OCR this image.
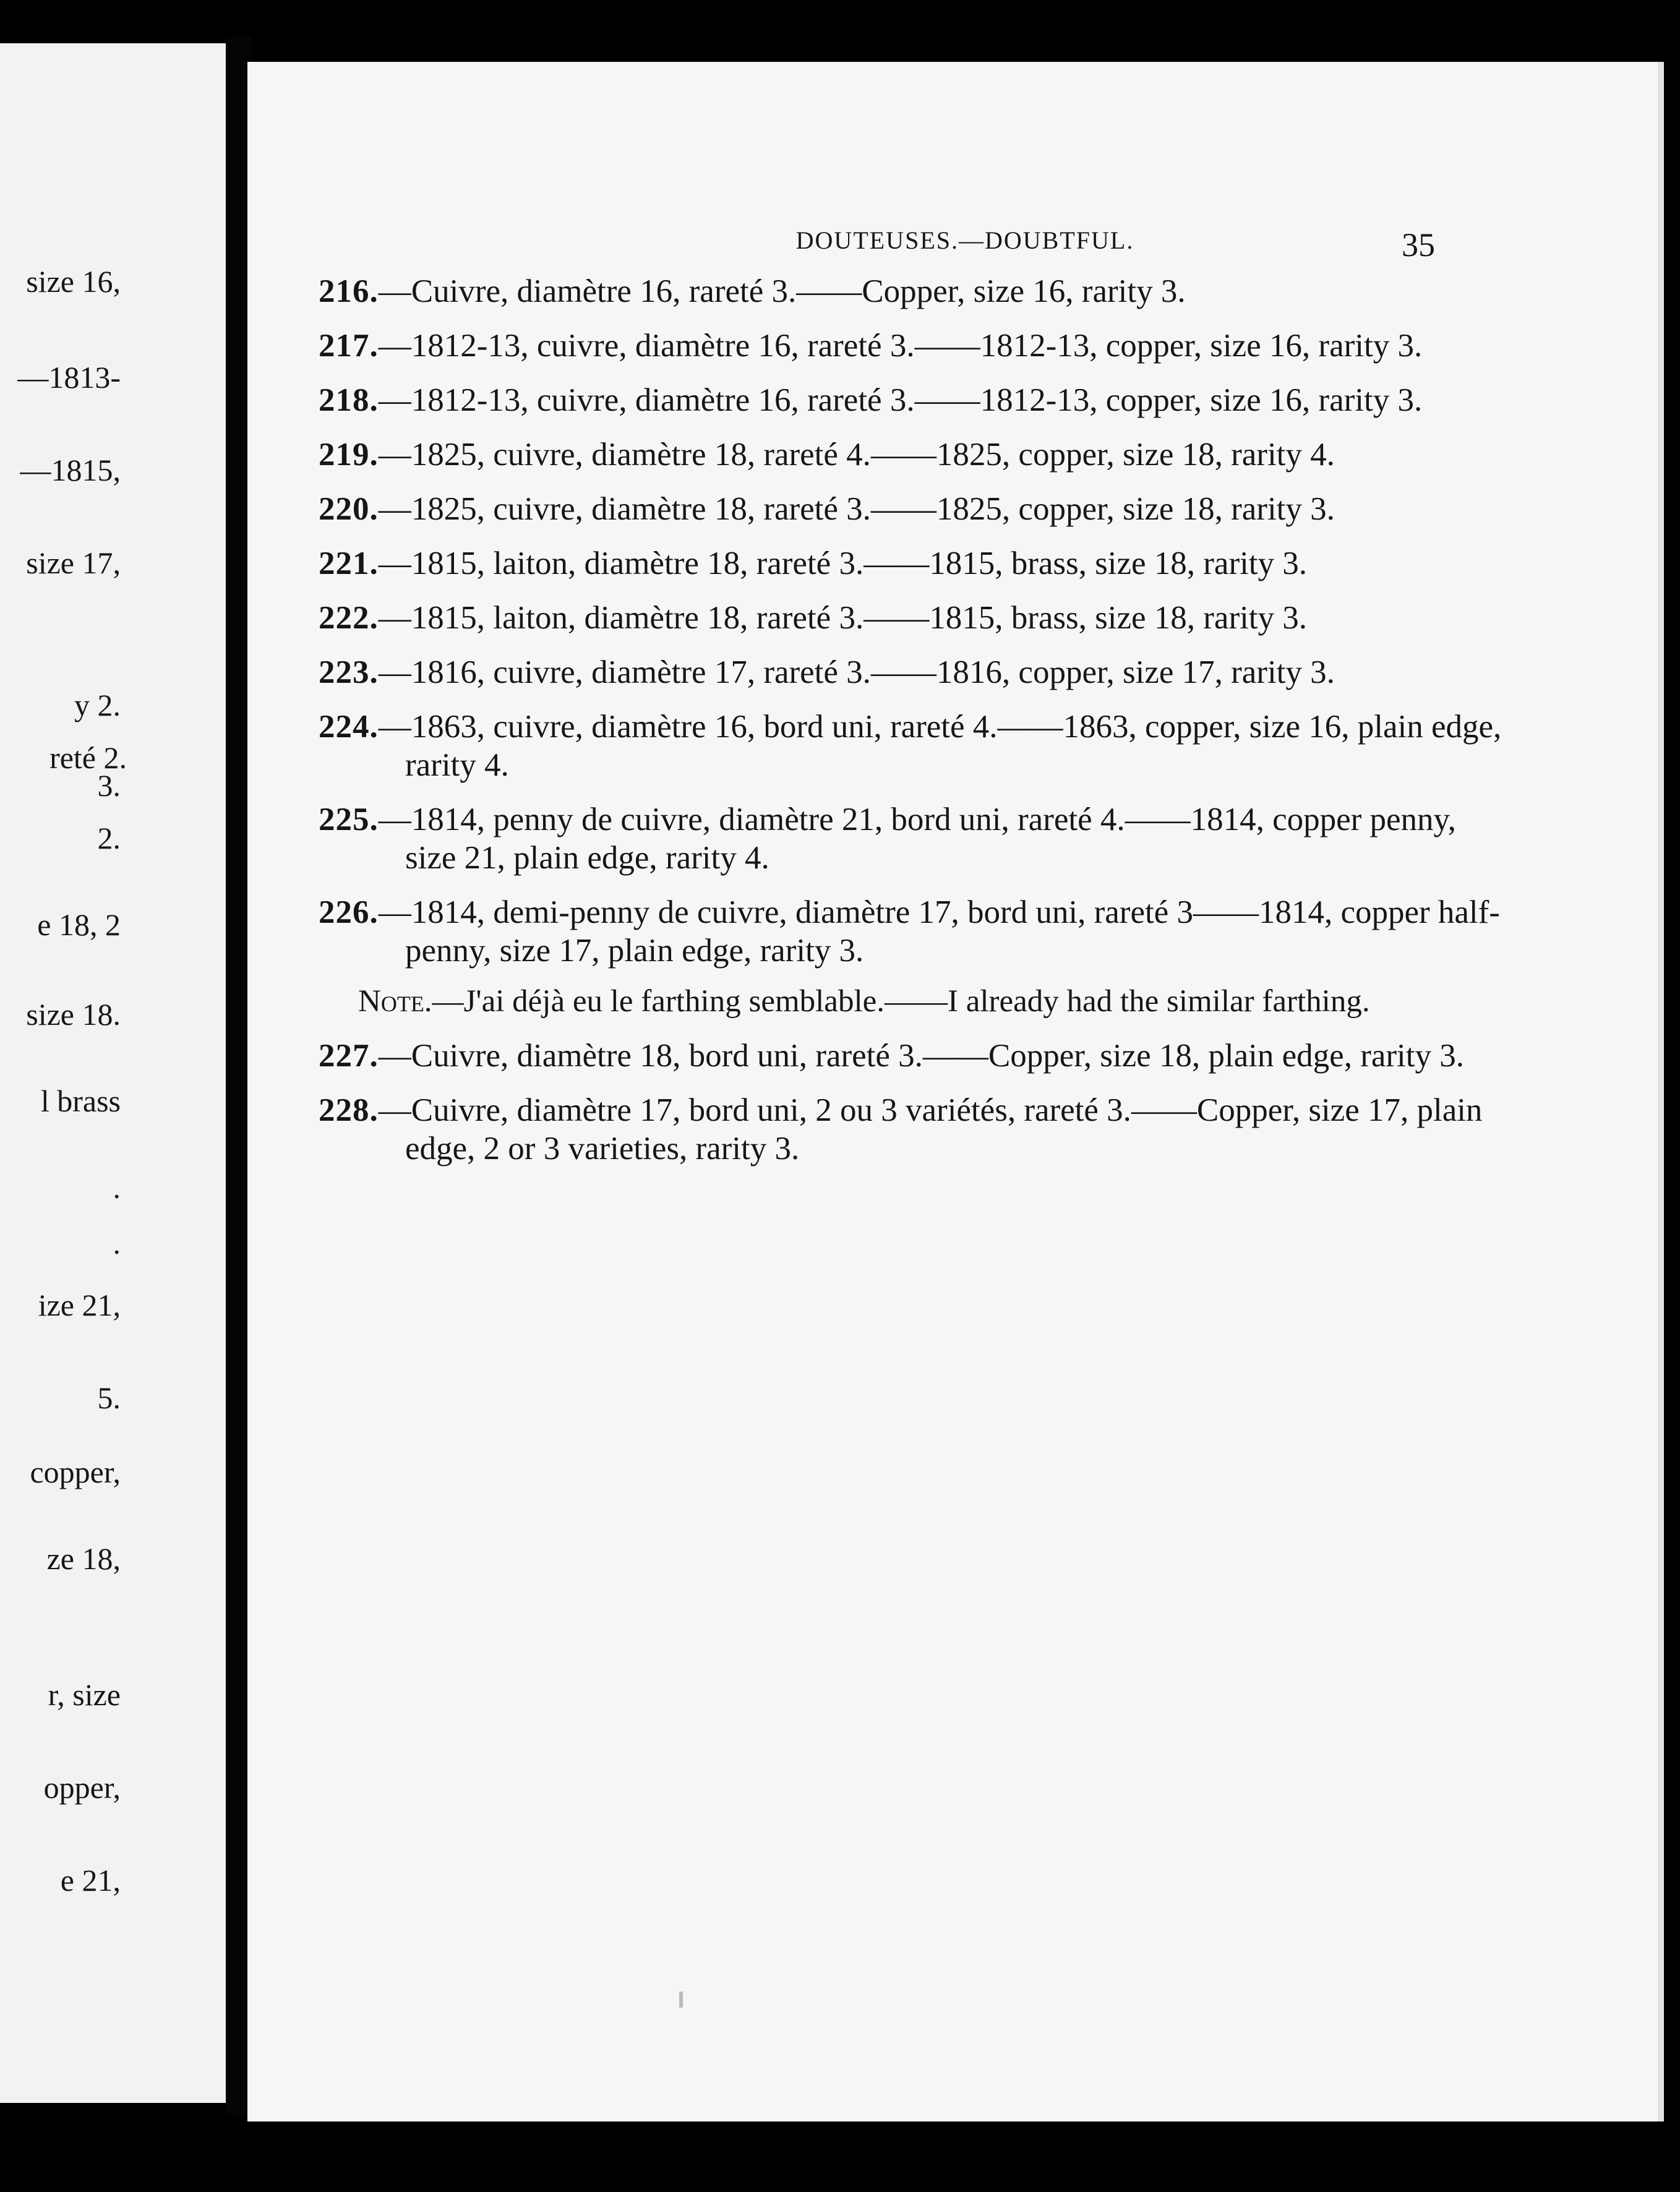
size 16,
—1813-
—1815,
size 17,
y 2.
reté 2.
3.
2.
e 18, 2
size 18.
l brass
.
.
ize 21,
5.
copper,
ze 18,
r, size
opper,
e 21,
DOUTEUSES.—DOUBTFUL.	35
216.—Cuivre, diamètre 16, rareté 3.——Copper, size 16, rarity 3.
217.—1812-13, cuivre, diamètre 16, rareté 3.——1812-13, copper, size 16, rarity 3.
218.—1812-13, cuivre, diamètre 16, rareté 3.——1812-13, copper, size 16, rarity 3.
219.—1825, cuivre, diamètre 18, rareté 4.——1825, copper, size 18, rarity 4.
220.—1825, cuivre, diamètre 18, rareté 3.——1825, copper, size 18, rarity 3.
221.—1815, laiton, diamètre 18, rareté 3.——1815, brass, size 18, rarity 3.
222.—1815, laiton, diamètre 18, rareté 3.——1815, brass, size 18, rarity 3.
223.—1816, cuivre, diamètre 17, rareté 3.——1816, copper, size 17, rarity 3.
224.—1863, cuivre, diamètre 16, bord uni, rareté 4.——1863, copper, size 16, plain edge, rarity 4.
225.—1814, penny de cuivre, diamètre 21, bord uni, rareté 4.——1814, copper penny, size 21, plain edge, rarity 4.
226.—1814, demi-penny de cuivre, diamètre 17, bord uni, rareté 3——1814, copper half-penny, size 17, plain edge, rarity 3.
Note.—J'ai déjà eu le farthing semblable.——I already had the similar farthing.
227.—Cuivre, diamètre 18, bord uni, rareté 3.——Copper, size 18, plain edge, rarity 3.
228.—Cuivre, diamètre 17, bord uni, 2 ou 3 variétés, rareté 3.——Copper, size 17, plain edge, 2 or 3 varieties, rarity 3.
